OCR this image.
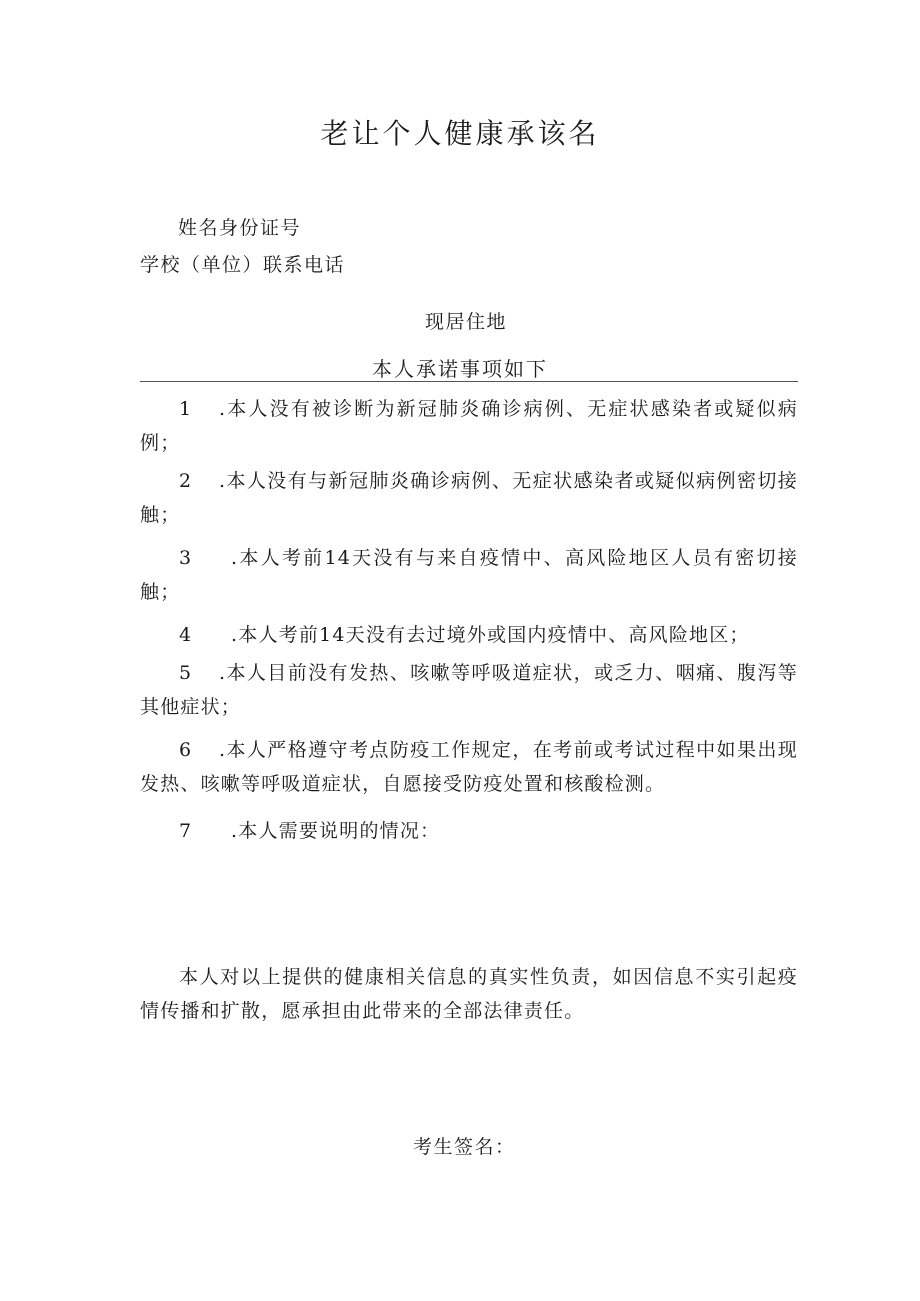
老让个人健康承该名
姓名身份证号
学校（单位）联系电话
现居住地
本人承诺事项如下
1 .本人没有被诊断为新冠肺炎确诊病例、无症状感染者或疑似病例；
2 .本人没有与新冠肺炎确诊病例、无症状感染者或疑似病例密切接触；
3 .本人考前14天没有与来自疫情中、高风险地区人员有密切接触；
4 .本人考前14天没有去过境外或国内疫情中、高风险地区；
5 .本人目前没有发热、咳嗽等呼吸道症状，或乏力、咽痛、腹泻等其他症状；
6 .本人严格遵守考点防疫工作规定，在考前或考试过程中如果出现发热、咳嗽等呼吸道症状，自愿接受防疫处置和核酸检测。
7 .本人需要说明的情况：
本人对以上提供的健康相关信息的真实性负责，如因信息不实引起疫情传播和扩散，愿承担由此带来的全部法律责任。
考生签名：
